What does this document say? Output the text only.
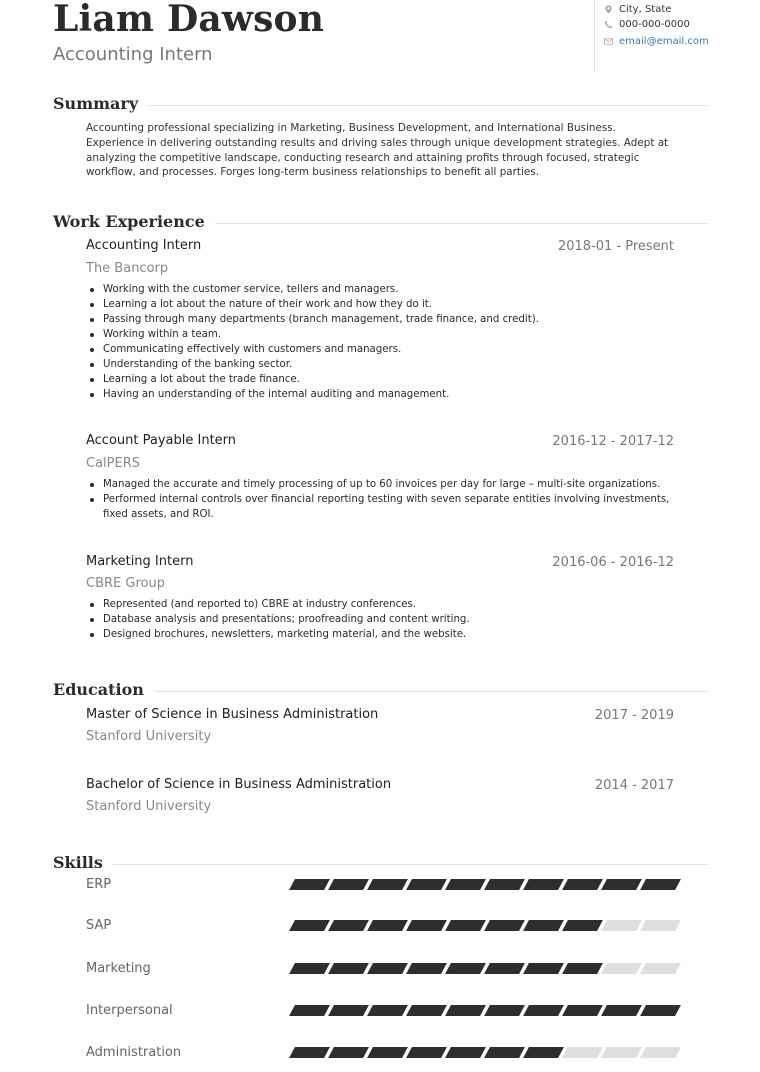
Liam Dawson
Accounting Intern
City, State
000-000-0000
email@email.com
Summary
Accounting professional specializing in Marketing, Business Development, and International Business. Experience in delivering outstanding results and driving sales through unique development strategies. Adept at analyzing the competitive landscape, conducting research and attaining profits through focused, strategic workflow, and processes. Forges long-term business relationships to benefit all parties.
Work Experience
Accounting Intern	2018-01 - Present
The Bancorp
Working with the customer service, tellers and managers.
Learning a lot about the nature of their work and how they do it.
Passing through many departments (branch management, trade finance, and credit).
Working within a team.
Communicating effectively with customers and managers.
Understanding of the banking sector.
Learning a lot about the trade finance.
Having an understanding of the internal auditing and management.
Account Payable Intern	2016-12 - 2017-12
CalPERS
Managed the accurate and timely processing of up to 60 invoices per day for large – multi-site organizations.
Performed internal controls over financial reporting testing with seven separate entities involving investments, fixed assets, and ROI.
Marketing Intern	2016-06 - 2016-12
CBRE Group
Represented (and reported to) CBRE at industry conferences.
Database analysis and presentations; proofreading and content writing.
Designed brochures, newsletters, marketing material, and the website.
Education
Master of Science in Business Administration	2017 - 2019
Stanford University
Bachelor of Science in Business Administration	2014 - 2017
Stanford University
Skills
ERP
SAP
Marketing
Interpersonal
Administration
